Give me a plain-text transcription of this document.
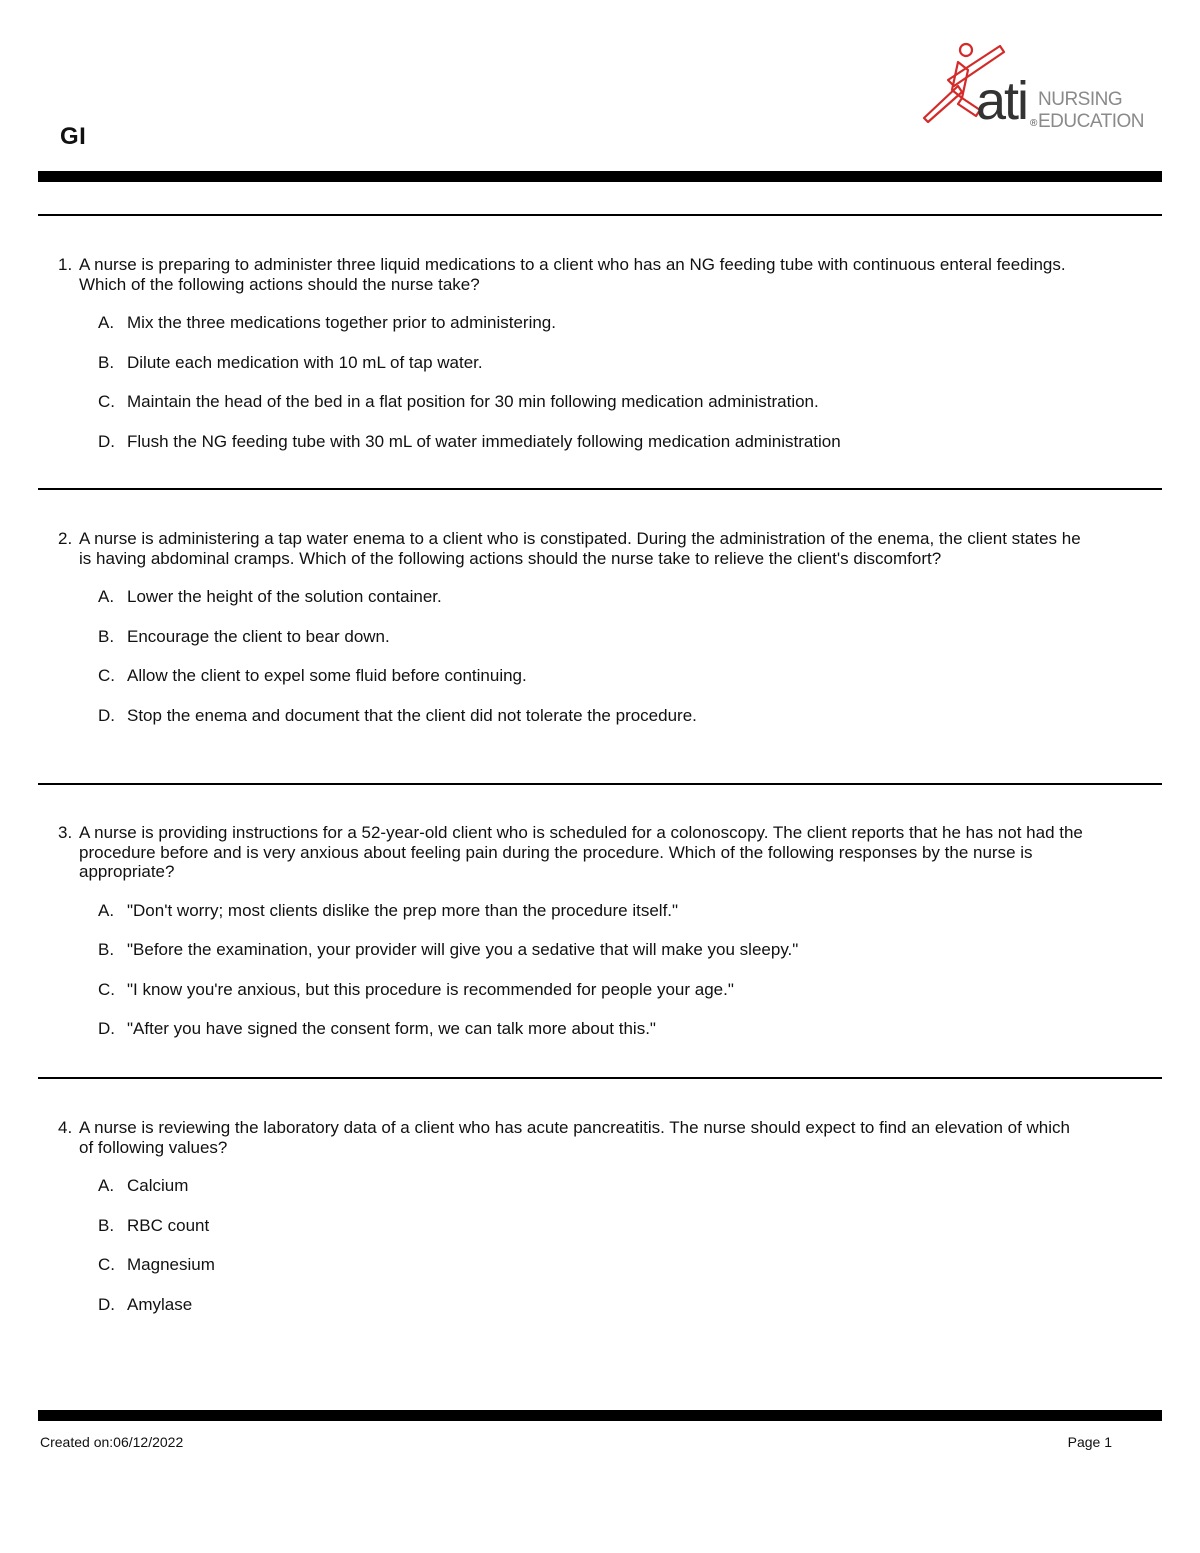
GI
ati ®
NURSING
EDUCATION
1. A nurse is preparing to administer three liquid medications to a client who has an NG feeding tube with continuous enteral feedings. Which of the following actions should the nurse take?
A. Mix the three medications together prior to administering.
B. Dilute each medication with 10 mL of tap water.
C. Maintain the head of the bed in a flat position for 30 min following medication administration.
D. Flush the NG feeding tube with 30 mL of water immediately following medication administration
2. A nurse is administering a tap water enema to a client who is constipated. During the administration of the enema, the client states he is having abdominal cramps. Which of the following actions should the nurse take to relieve the client's discomfort?
A. Lower the height of the solution container.
B. Encourage the client to bear down.
C. Allow the client to expel some fluid before continuing.
D. Stop the enema and document that the client did not tolerate the procedure.
3. A nurse is providing instructions for a 52-year-old client who is scheduled for a colonoscopy. The client reports that he has not had the procedure before and is very anxious about feeling pain during the procedure. Which of the following responses by the nurse is appropriate?
A. "Don't worry; most clients dislike the prep more than the procedure itself."
B. "Before the examination, your provider will give you a sedative that will make you sleepy."
C. "I know you're anxious, but this procedure is recommended for people your age."
D. "After you have signed the consent form, we can talk more about this."
4. A nurse is reviewing the laboratory data of a client who has acute pancreatitis. The nurse should expect to find an elevation of which of following values?
A. Calcium
B. RBC count
C. Magnesium
D. Amylase
Created on:06/12/2022	Page 1
